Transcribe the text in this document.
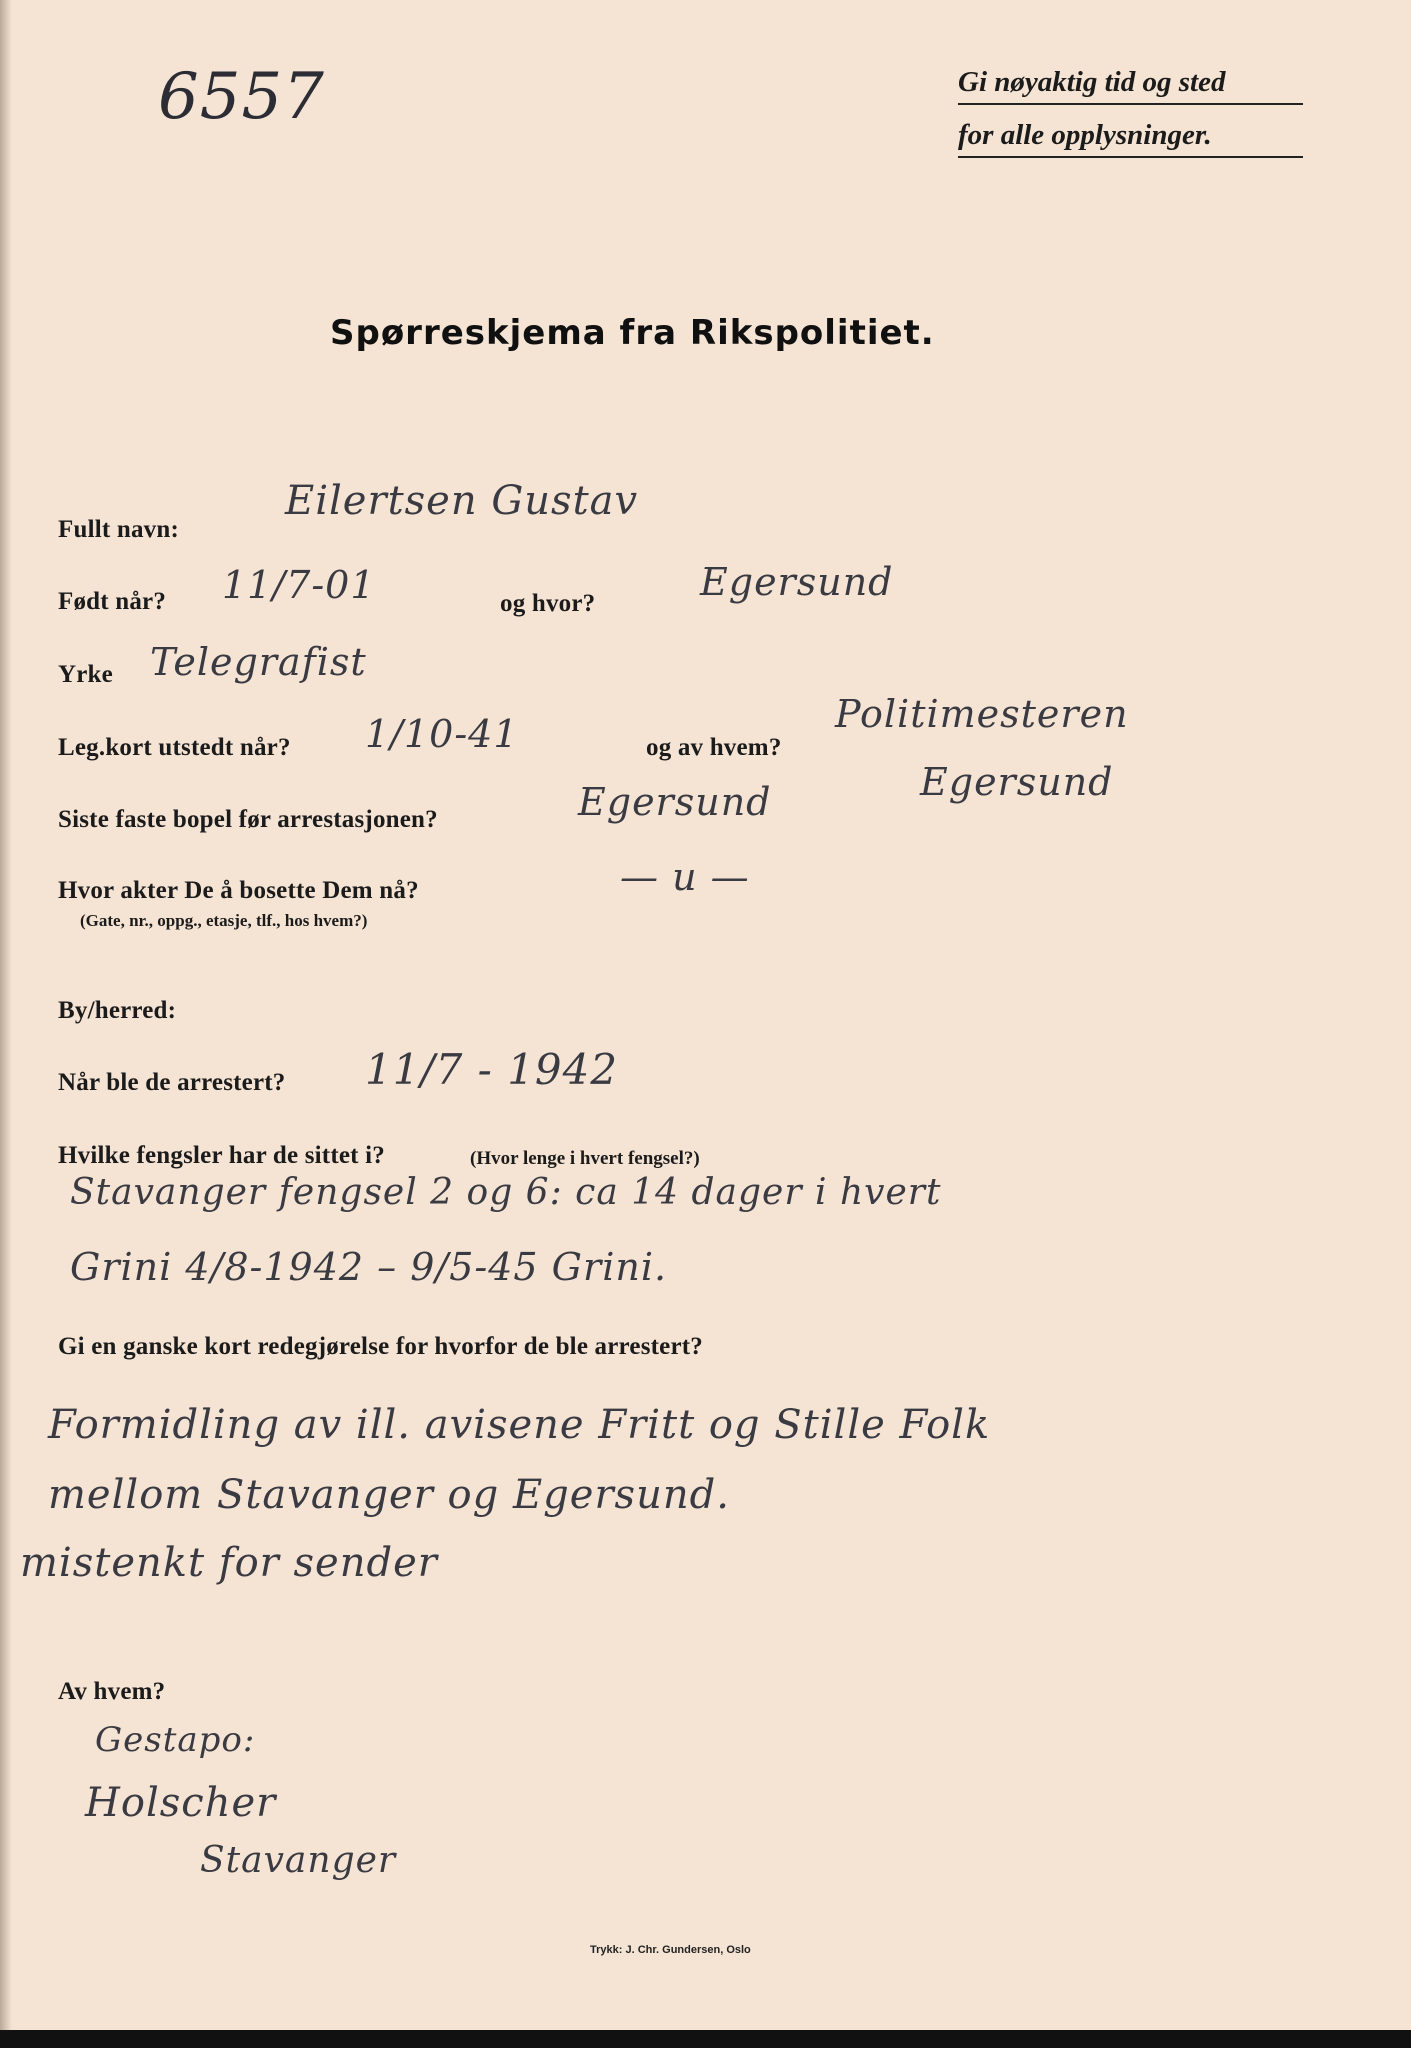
6557	Gi nøyaktig tid og sted
for alle opplysninger.
Spørreskjema fra Rikspolitiet.
Fullt navn:
Eilertsen Gustav
Født når? 11/7-01	og hvor?	Egersund
Yrke Telegrafist
Leg.kort utstedt når? 1/10-41	og av hvem?
Politimesteren
Egersund
Siste faste bopel før arrestasjonen?	Egersund
Hvor akter De å bosette Dem nå?
(Gate, nr., oppg., etasje, tlf., hos hvem?)
— u —
By/herred:
Når ble de arrestert? 11/7 - 1942
Hvilke fengsler har de sittet i?	(Hvor lenge i hvert fengsel?)
Stavanger fengsel 2 og 6: ca 14 dager i hvert
Grini 4/8-1942 – 9/5-45 Grini.
Gi en ganske kort redegjørelse for hvorfor de ble arrestert?
Formidling av ill. avisene Fritt og Stille Folk
mellom Stavanger og Egersund.
mistenkt for sender
Av hvem?
Gestapo:
Holscher
Stavanger
Trykk: J. Chr. Gundersen, Oslo
